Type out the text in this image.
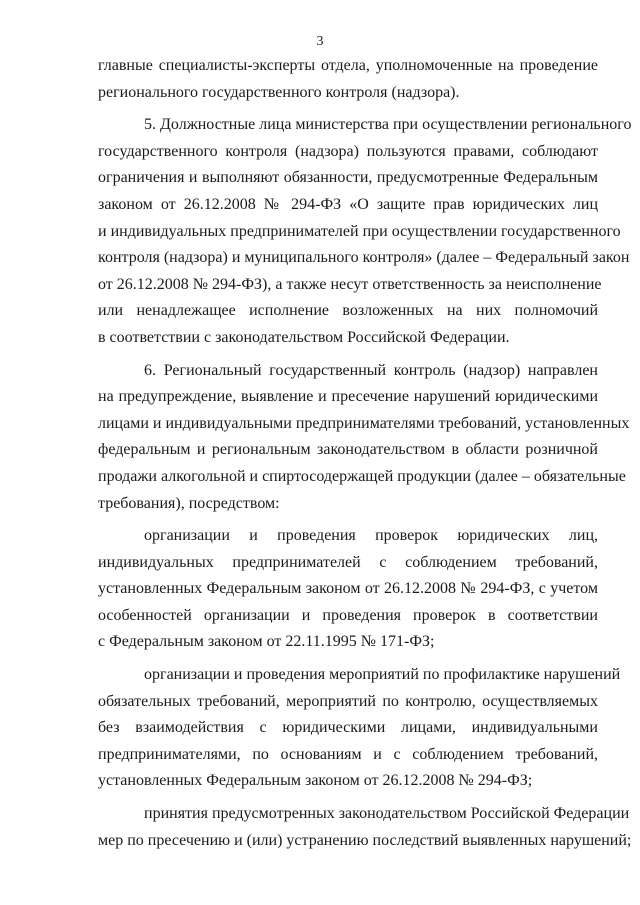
3

главные специалисты-эксперты отдела, уполномоченные на проведение
регионального государственного контроля (надзора).

5. Должностные лица министерства при осуществлении регионального
государственного контроля (надзора) пользуются правами, соблюдают
ограничения и выполняют обязанности, предусмотренные Федеральным
законом от 26.12.2008 № 294-ФЗ «О защите прав юридических лиц
и индивидуальных предпринимателей при осуществлении государственного
контроля (надзора) и муниципального контроля» (далее – Федеральный закон
от 26.12.2008 № 294-ФЗ), а также несут ответственность за неисполнение
или ненадлежащее исполнение возложенных на них полномочий
в соответствии с законодательством Российской Федерации.

6. Региональный государственный контроль (надзор) направлен
на предупреждение, выявление и пресечение нарушений юридическими
лицами и индивидуальными предпринимателями требований, установленных
федеральным и региональным законодательством в области розничной
продажи алкогольной и спиртосодержащей продукции (далее – обязательные
требования), посредством:

организации и проведения проверок юридических лиц,
индивидуальных предпринимателей с соблюдением требований,
установленных Федеральным законом от 26.12.2008 № 294-ФЗ, с учетом
особенностей организации и проведения проверок в соответствии
с Федеральным законом от 22.11.1995 № 171-ФЗ;

организации и проведения мероприятий по профилактике нарушений
обязательных требований, мероприятий по контролю, осуществляемых
без взаимодействия с юридическими лицами, индивидуальными
предпринимателями, по основаниям и с соблюдением требований,
установленных Федеральным законом от 26.12.2008 № 294-ФЗ;

принятия предусмотренных законодательством Российской Федерации
мер по пресечению и (или) устранению последствий выявленных нарушений;
